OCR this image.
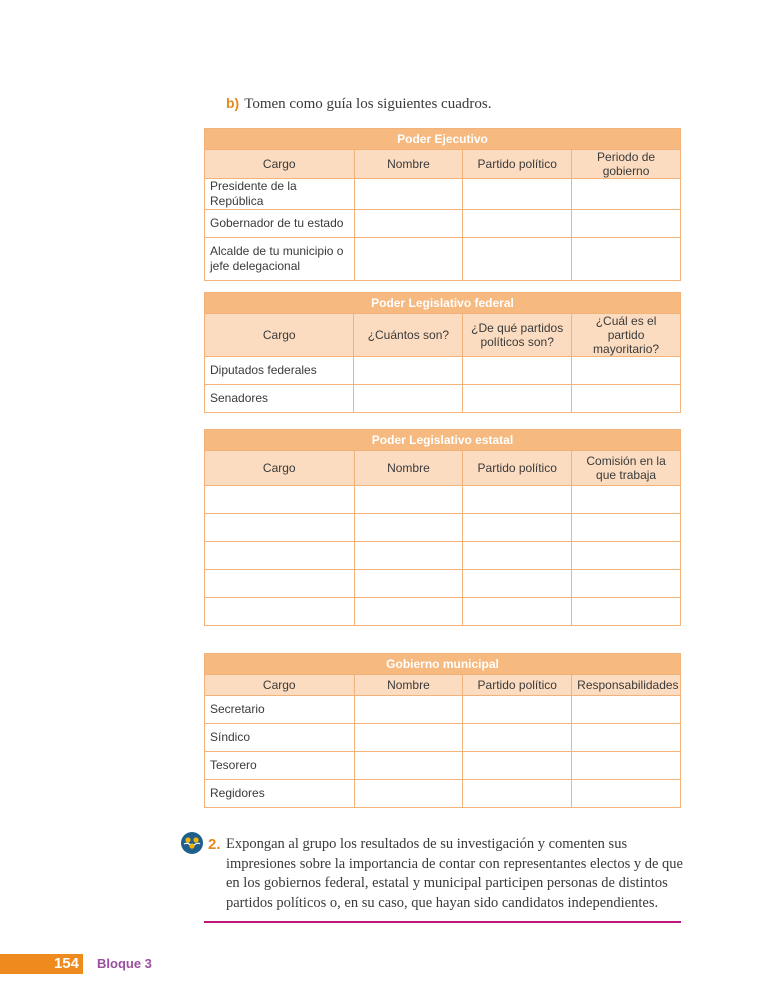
b) Tomen como guía los siguientes cuadros.
Poder Ejecutivo			
Cargo	Nombre	Partido político	Periodo de gobierno
Presidente de la República			
Gobernador de tu estado			
Alcalde de tu municipio o jefe delegacional			
Poder Legislativo federal			
Cargo	¿Cuántos son?	¿De qué partidos políticos son?	¿Cuál es el partido mayoritario?
Diputados federales			
Senadores			
Poder Legislativo estatal			
Cargo	Nombre	Partido político	Comisión en la que trabaja

Gobierno municipal			
Cargo	Nombre	Partido político	Responsabilidades
Secretario			
Síndico			
Tesorero			
Regidores			
2. Expongan al grupo los resultados de su investigación y comenten sus impresiones sobre la importancia de contar con representantes electos y de que en los gobiernos federal, estatal y municipal participen personas de distintos partidos políticos o, en su caso, que hayan sido candidatos independientes.
154	Bloque 3
